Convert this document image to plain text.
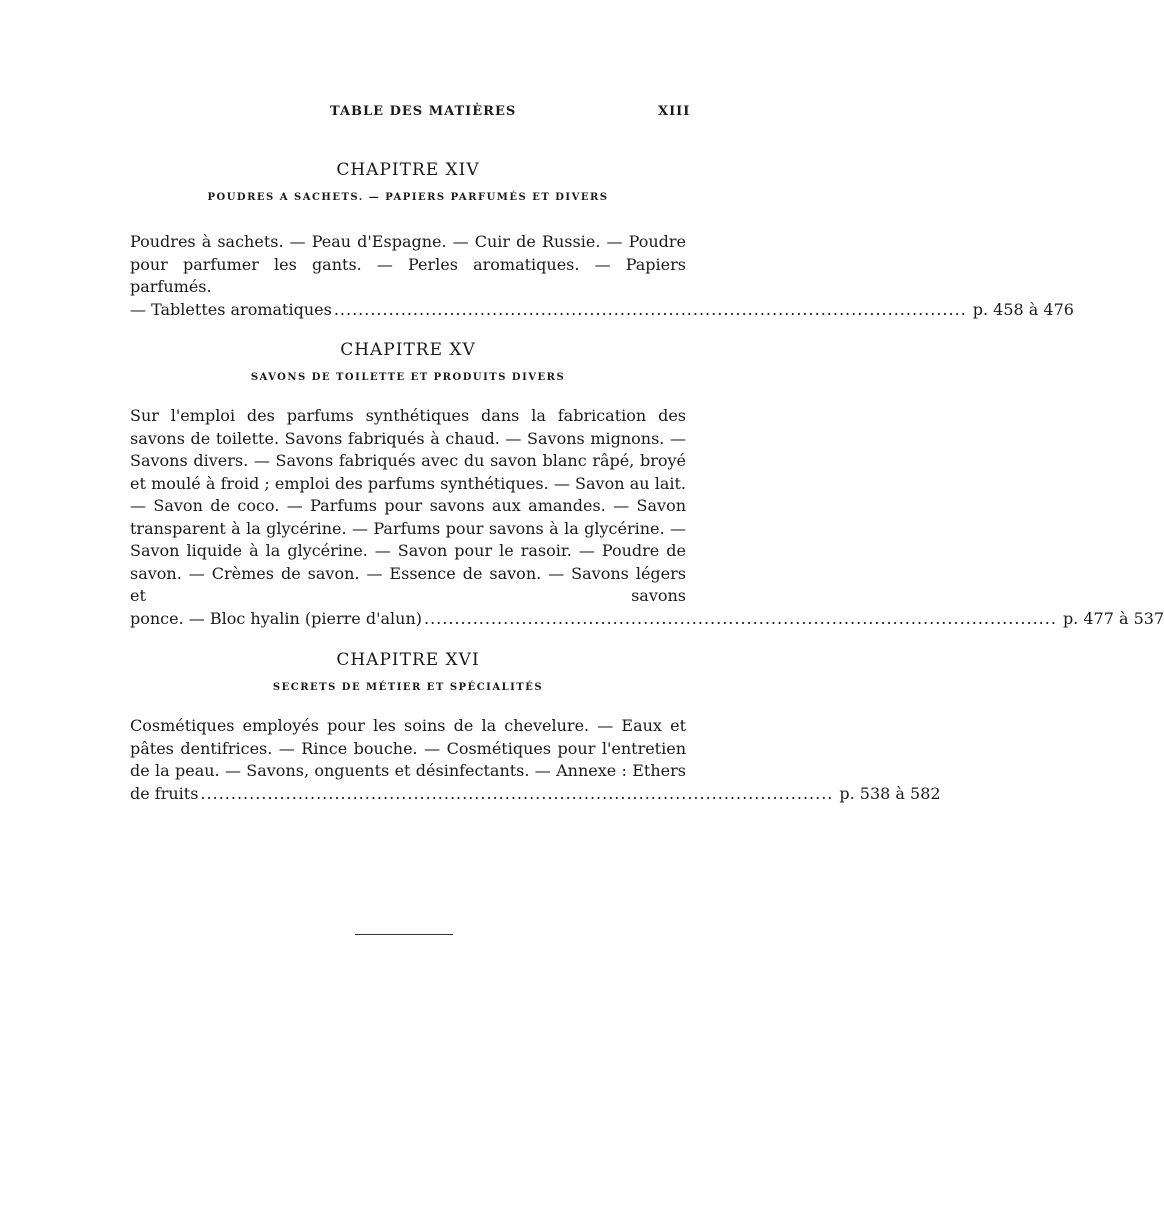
TABLE DES MATIÈRES	XIII
CHAPITRE XIV
POUDRES A SACHETS. — PAPIERS PARFUMÉS ET DIVERS
Poudres à sachets. — Peau d'Espagne. — Cuir de Russie. — Poudre pour parfumer les gants. — Perles aromatiques. — Papiers parfumés.
— Tablettes aromatiques ........................................................................................................ p. 458 à 476
CHAPITRE XV
SAVONS DE TOILETTE ET PRODUITS DIVERS
Sur l'emploi des parfums synthétiques dans la fabrication des savons de toilette. Savons fabriqués à chaud. — Savons mignons. — Savons divers. — Savons fabriqués avec du savon blanc râpé, broyé et moulé à froid ; emploi des parfums synthétiques. — Savon au lait. — Savon de coco. — Parfums pour savons aux amandes. — Savon transparent à la glycérine. — Parfums pour savons à la glycérine. — Savon liquide à la glycérine. — Savon pour le rasoir. — Poudre de savon. — Crèmes de savon. — Essence de savon. — Savons légers et savons
ponce. — Bloc hyalin (pierre d'alun) ........................................................................................................ p. 477 à 537
CHAPITRE XVI
SECRETS DE MÉTIER ET SPÉCIALITÉS
Cosmétiques employés pour les soins de la chevelure. — Eaux et pâtes dentifrices. — Rince bouche. — Cosmétiques pour l'entretien de la peau. — Savons, onguents et désinfectants. — Annexe : Ethers
de fruits ........................................................................................................ p. 538 à 582
